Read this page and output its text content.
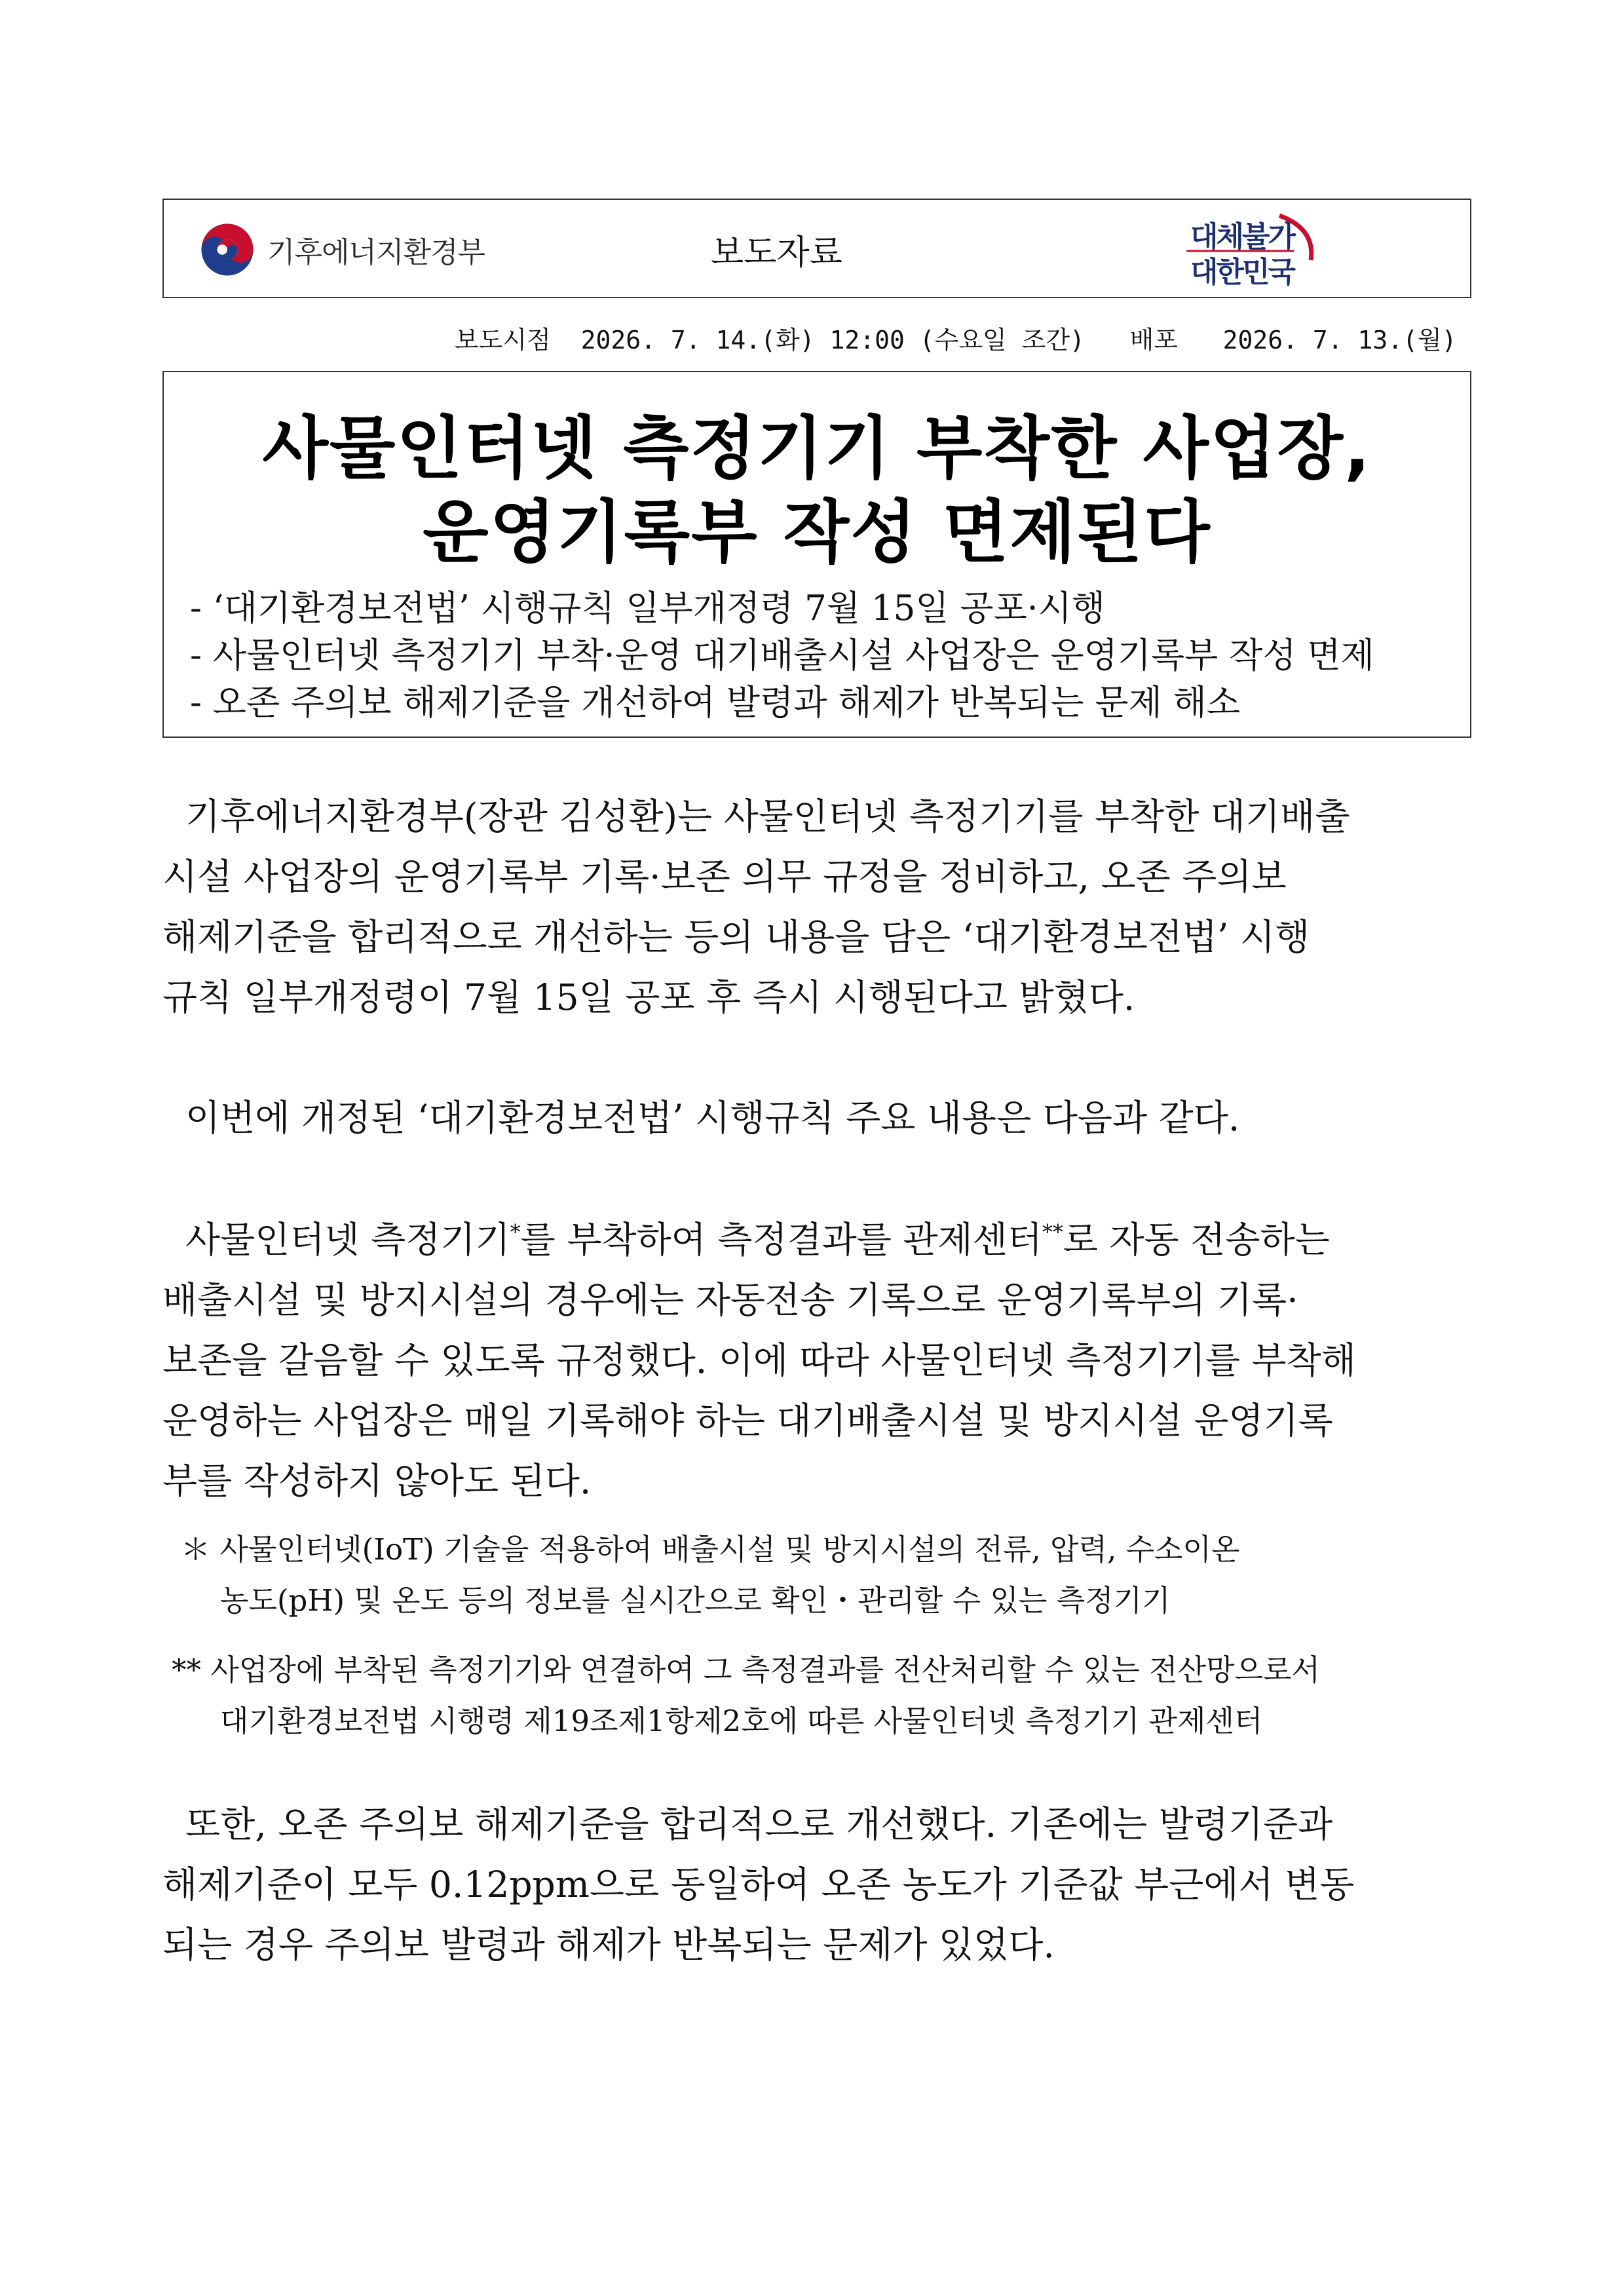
기후에너지환경부	보도자료	대체불가
대한민국
보도시점 2026. 7. 14.(화) 12:00 (수요일 조간) 배포 2026. 7. 13.(월)
사물인터넷 측정기기 부착한 사업장,
운영기록부 작성 면제된다
- ‘대기환경보전법’ 시행규칙 일부개정령 7월 15일 공포·시행
- 사물인터넷 측정기기 부착·운영 대기배출시설 사업장은 운영기록부 작성 면제
- 오존 주의보 해제기준을 개선하여 발령과 해제가 반복되는 문제 해소
기후에너지환경부(장관 김성환)는 사물인터넷 측정기기를 부착한 대기배출
시설 사업장의 운영기록부 기록·보존 의무 규정을 정비하고, 오존 주의보
해제기준을 합리적으로 개선하는 등의 내용을 담은 ‘대기환경보전법’ 시행
규칙 일부개정령이 7월 15일 공포 후 즉시 시행된다고 밝혔다.
이번에 개정된 ‘대기환경보전법’ 시행규칙 주요 내용은 다음과 같다.
사물인터넷 측정기기*를 부착하여 측정결과를 관제센터**로 자동 전송하는
배출시설 및 방지시설의 경우에는 자동전송 기록으로 운영기록부의 기록·
보존을 갈음할 수 있도록 규정했다. 이에 따라 사물인터넷 측정기기를 부착해
운영하는 사업장은 매일 기록해야 하는 대기배출시설 및 방지시설 운영기록
부를 작성하지 않아도 된다.
＊ 사물인터넷(IoT) 기술을 적용하여 배출시설 및 방지시설의 전류, 압력, 수소이온
농도(pH) 및 온도 등의 정보를 실시간으로 확인・관리할 수 있는 측정기기
** 사업장에 부착된 측정기기와 연결하여 그 측정결과를 전산처리할 수 있는 전산망으로서
대기환경보전법 시행령 제19조제1항제2호에 따른 사물인터넷 측정기기 관제센터
또한, 오존 주의보 해제기준을 합리적으로 개선했다. 기존에는 발령기준과
해제기준이 모두 0.12ppm으로 동일하여 오존 농도가 기준값 부근에서 변동
되는 경우 주의보 발령과 해제가 반복되는 문제가 있었다.
